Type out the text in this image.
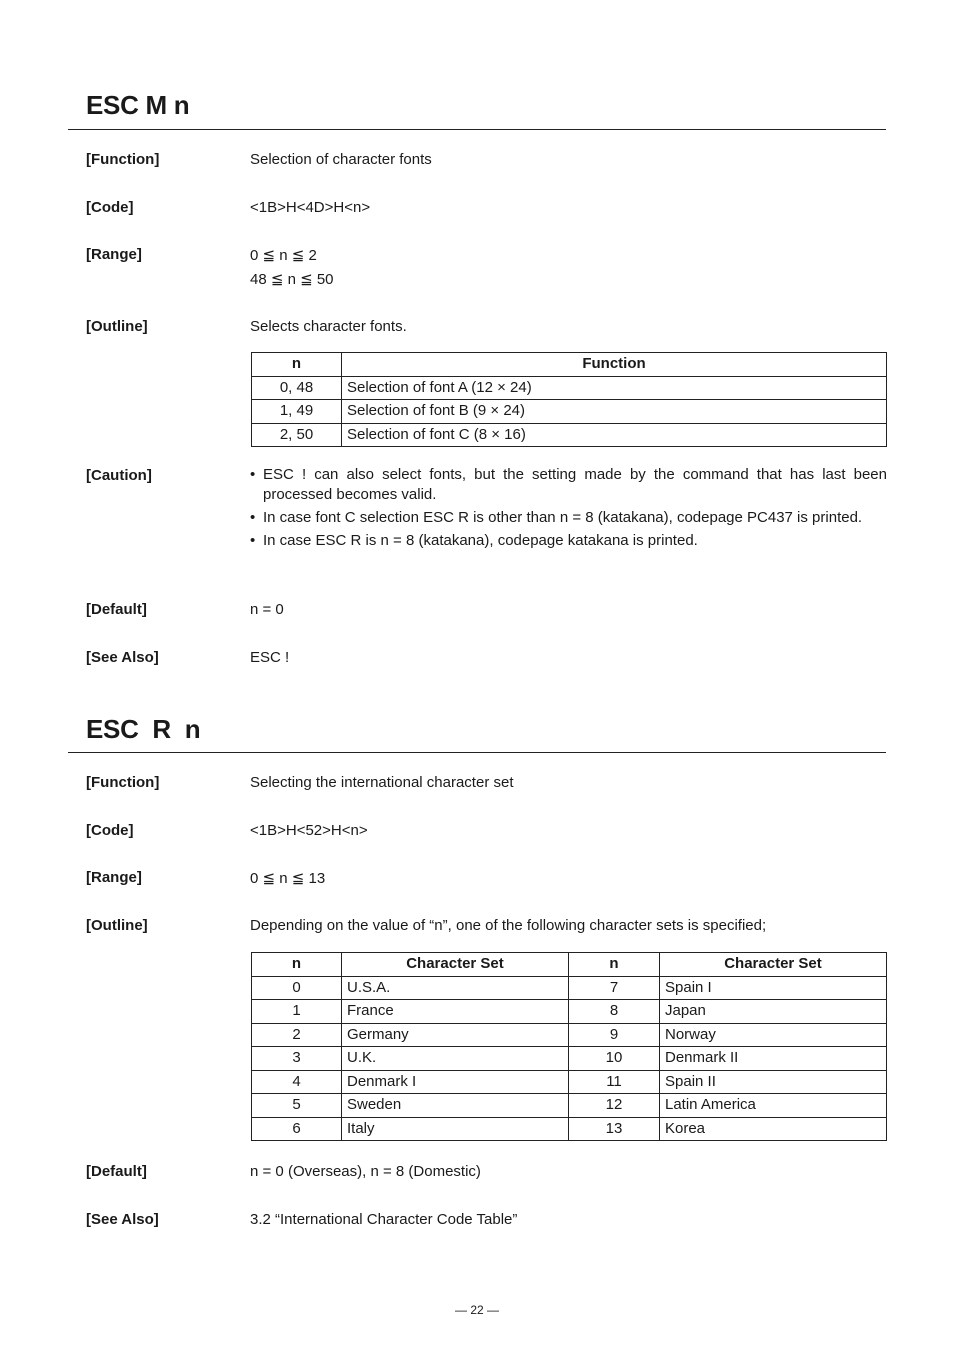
ESC M n
[Function]	Selection of character fonts
[Code]	<1B>H<4D>H<n>
[Range]	0 ≦ n ≦ 2
48 ≦ n ≦ 50
[Outline]	Selects character fonts.
n	Function
0, 48	Selection of font A (12 × 24)
1, 49	Selection of font B (9 × 24)
2, 50	Selection of font C (8 × 16)
[Caution]	• ESC ! can also select fonts, but the setting made by the command that has last been processed becomes valid.
• In case font C selection ESC R is other than n = 8 (katakana), codepage PC437 is printed.
• In case ESC R is n = 8 (katakana), codepage katakana is printed.
[Default]	n = 0
[See Also]	ESC !
ESC  R  n
[Function]	Selecting the international character set
[Code]	<1B>H<52>H<n>
[Range]	0 ≦ n ≦ 13
[Outline]	Depending on the value of “n”, one of the following character sets is specified;
n	Character Set	n	Character Set
0	U.S.A.	7	Spain I
1	France	8	Japan
2	Germany	9	Norway
3	U.K.	10	Denmark II
4	Denmark I	11	Spain II
5	Sweden	12	Latin America
6	Italy	13	Korea
[Default]	n = 0 (Overseas), n = 8 (Domestic)
[See Also]	3.2 “International Character Code Table”
— 22 —
